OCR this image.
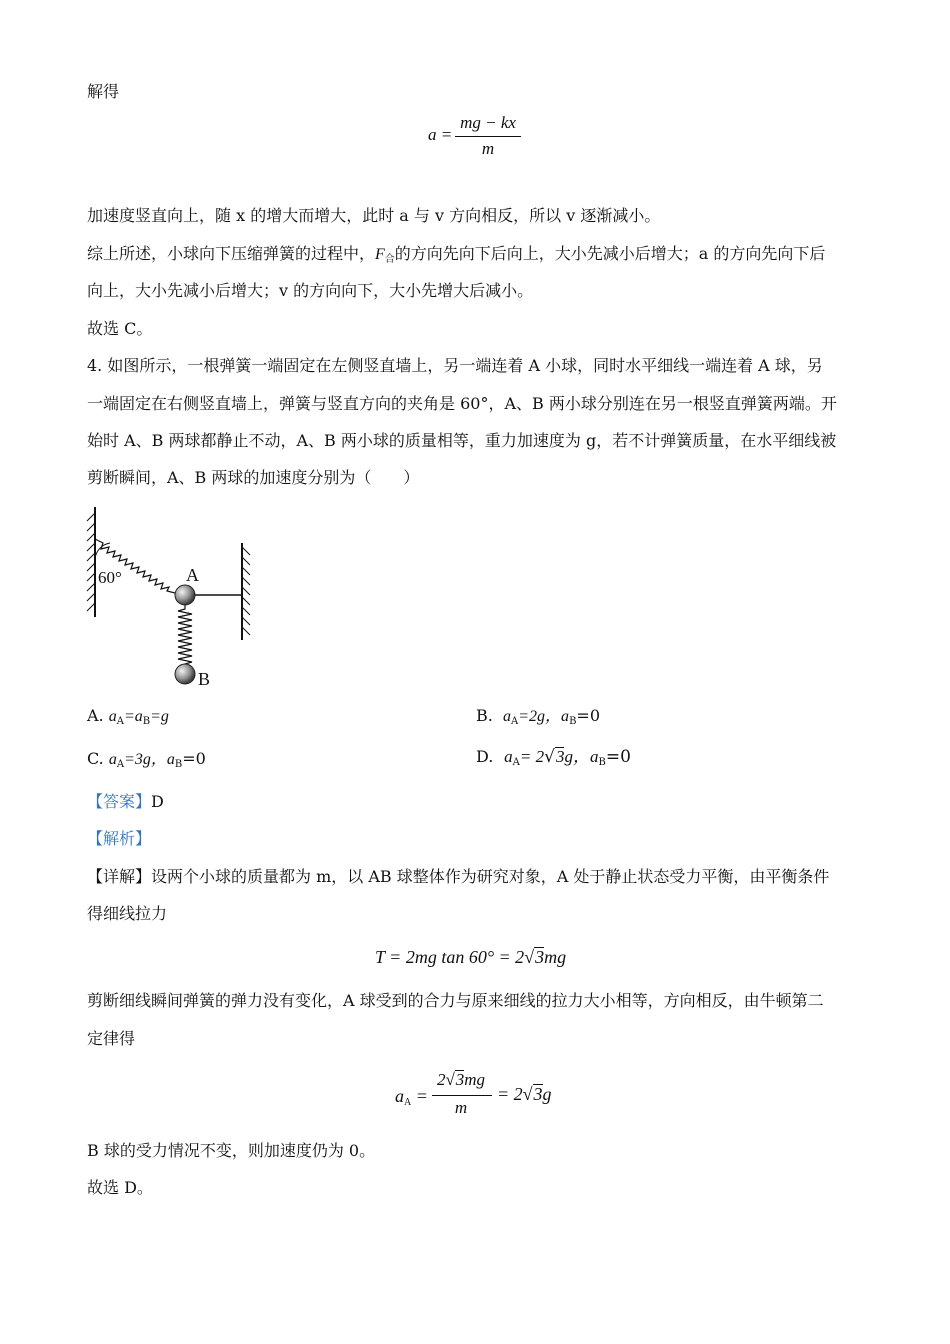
解得
a =
mg − kx
m
加速度竖直向上，随 x 的增大而增大，此时 a 与 v 方向相反，所以 v 逐渐减小。
综上所述，小球向下压缩弹簧的过程中，$F_合$的方向先向下后向上，大小先减小后增大；a 的方向先向下后
向上，大小先减小后增大；v 的方向向下，大小先增大后减小。
故选 C。
4. 如图所示，一根弹簧一端固定在左侧竖直墙上，另一端连着 A 小球，同时水平细线一端连着 A 球，另
一端固定在右侧竖直墙上，弹簧与竖直方向的夹角是 60°，A、B 两小球分别连在另一根竖直弹簧两端。开
始时 A、B 两球都静止不动，A、B 两小球的质量相等，重力加速度为 g，若不计弹簧质量，在水平细线被
剪断瞬间，A、B 两球的加速度分别为（　　）
60°	A
B
A. $a_A=a_B=g$	B. $a_A=2g$，$a_B=0$
C. $a_A=3g$，$a_B=0$	D. $a_A= 2√3g$，$a_B=0$
【答案】D
【解析】
【详解】设两个小球的质量都为 m，以 AB 球整体作为研究对象，A 处于静止状态受力平衡，由平衡条件
得细线拉力
T = 2mg tan 60° = 2√3mg
剪断细线瞬间弹簧的弹力没有变化，A 球受到的合力与原来细线的拉力大小相等，方向相反，由牛顿第二
定律得
$a_A$ =
2√3mg
m
= 2√3g
B 球的受力情况不变，则加速度仍为 0。
故选 D。
